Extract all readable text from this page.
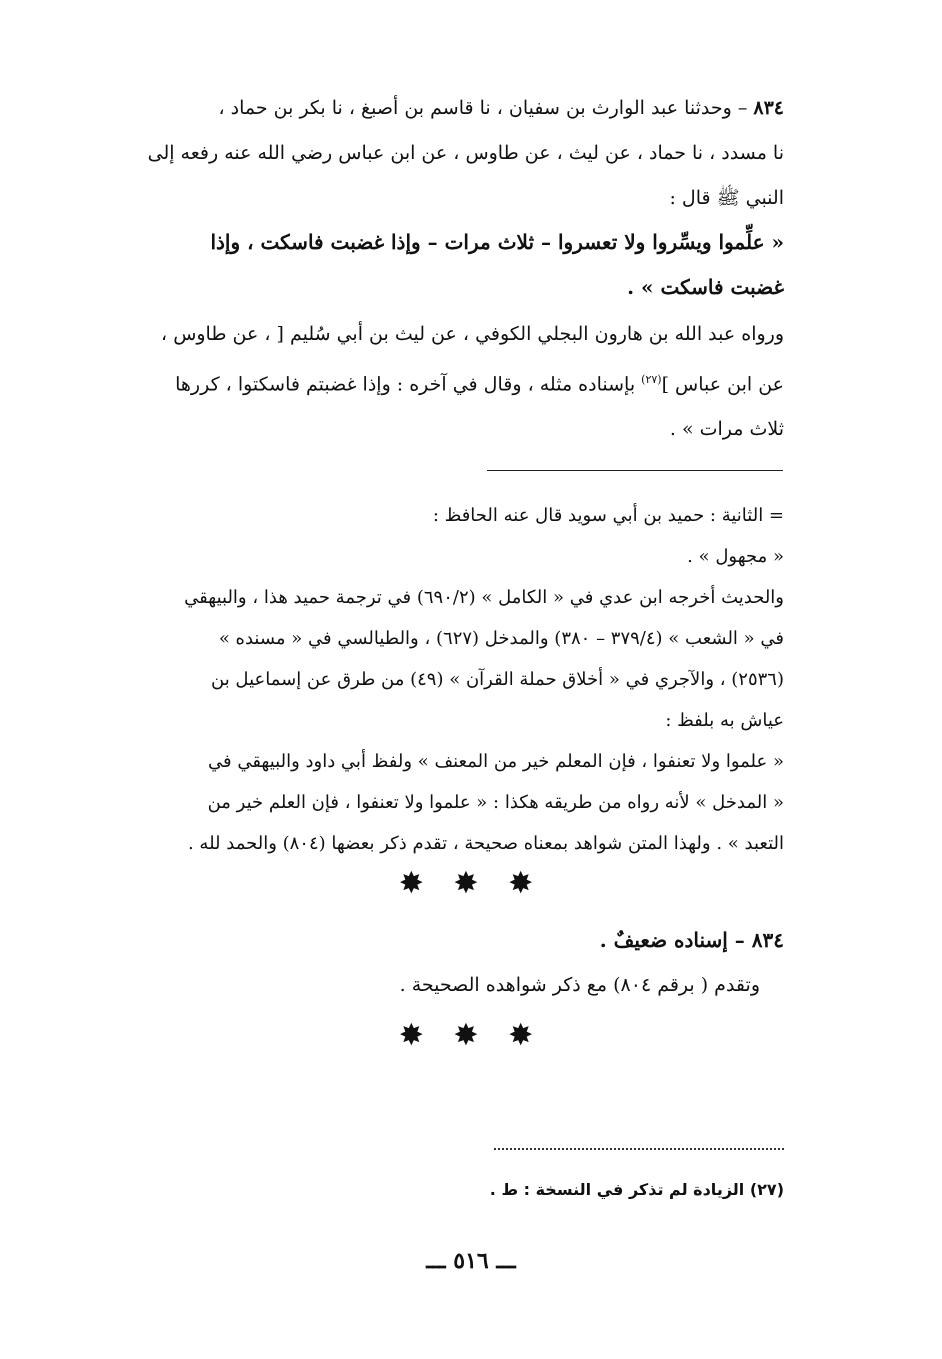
٨٣٤ – وحدثنا عبد الوارث بن سفيان ، نا قاسم بن أصبغ ، نا بكر بن حماد ،
نا مسدد ، نا حماد ، عن ليث ، عن طاوس ، عن ابن عباس رضي الله عنه رفعه إلى
النبي ﷺ قال :
« علِّموا ويسِّروا ولا تعسروا – ثلاث مرات – وإذا غضبت فاسكت ، وإذا
غضبت فاسكت » .
ورواه عبد الله بن هارون البجلي الكوفي ، عن ليث بن أبي سُليم [ ، عن طاوس ،
عن ابن عباس ]$^{(٢٧)}$ بإسناده مثله ، وقال في آخره : وإذا غضبتم فاسكتوا ، كررها
ثلاث مرات » .
= الثانية : حميد بن أبي سويد قال عنه الحافظ :
« مجهول » .
والحديث أخرجه ابن عدي في « الكامل » (٦٩٠/٢) في ترجمة حميد هذا ، والبيهقي
في « الشعب » (٣٧٩/٤ – ٣٨٠) والمدخل (٦٢٧) ، والطيالسي في « مسنده »
(٢٥٣٦) ، والآجري في « أخلاق حملة القرآن » (٤٩) من طرق عن إسماعيل بن
عياش به بلفظ :
« علموا ولا تعنفوا ، فإن المعلم خير من المعنف » ولفظ أبي داود والبيهقي في
« المدخل » لأنه رواه من طريقه هكذا : « علموا ولا تعنفوا ، فإن العلم خير من
التعبد » . ولهذا المتن شواهد بمعناه صحيحة ، تقدم ذكر بعضها (٨٠٤) والحمد لله .
✸ ✸ ✸
٨٣٤ – إسناده ضعيفٌ .
وتقدم ( برقم ٨٠٤) مع ذكر شواهده الصحيحة .
✸ ✸ ✸
(٢٧) الزيادة لم تذكر في النسخة : ط .
ـــ ٥١٦ ـــ
